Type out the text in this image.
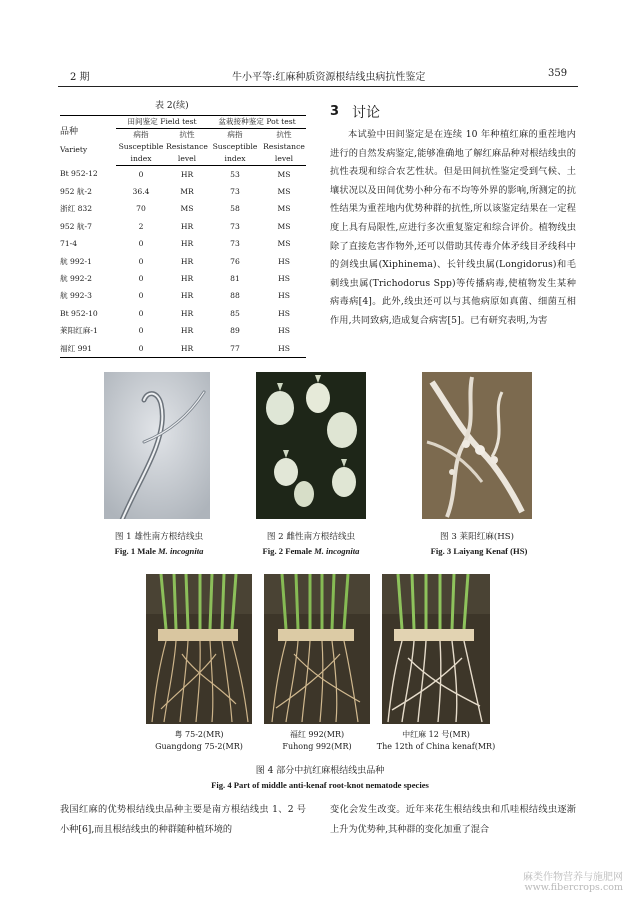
2 期	牛小平等:红麻种质资源根结线虫病抗性鉴定	359
表 2(续)
品种
Variety	田间鉴定 Field test		盆栽接种鉴定 Pot test	
	病指	抗性	病指	抗性
	Susceptible	Resistance	Susceptible	Resistance
	index	level	index	level
Bt 952-12	0	HR	53	MS
952 航-2	36.4	MR	73	MS
浙红 832	70	MS	58	MS
952 航-7	2	HR	73	MS
71-4	0	HR	73	MS
航 992-1	0	HR	76	HS
航 992-2	0	HR	81	HS
航 992-3	0	HR	88	HS
Bt 952-10	0	HR	85	HS
莱阳红麻-1	0	HR	89	HS
福红 991	0	HR	77	HS
3 讨论

本试验中田间鉴定是在连续 10 年种植红麻的重茬地内进行的自然发病鉴定,能够准确地了解红麻品种对根结线虫的抗性表现和综合农艺性状。但是田间抗性鉴定受到气候、土壤状况以及田间优势小种分布不均等外界的影响,所测定的抗性结果为重茬地内优势种群的抗性,所以该鉴定结果在一定程度上具有局限性,应进行多次重复鉴定和综合评价。植物线虫除了直接危害作物外,还可以借助其传毒介体矛线目矛线科中的剑线虫属(Xiphinema)、长针线虫属(Longidorus)和毛刺线虫属(Trichodorus Spp)等传播病毒,使植物发生某种病毒病[4]。此外,线虫还可以与其他病原如真菌、细菌互相作用,共同致病,造成复合病害[5]。已有研究表明,为害

图 1 雄性南方根结线虫
Fig. 1 Male M. incognita
图 2 雌性南方根结线虫
Fig. 2 Female M. incognita
图 3 莱阳红麻(HS)
Fig. 3 Laiyang Kenaf (HS)
粤 75-2(MR)
Guangdong 75-2(MR)
福红 992(MR)
Fuhong 992(MR)
中红麻 12 号(MR)
The 12th of China kenaf(MR)
图 4 部分中抗红麻根结线虫品种
Fig. 4 Part of middle anti-kenaf root-knot nematode species
我国红麻的优势根结线虫品种主要是南方根结线虫 1、2 号小种[6],而且根结线虫的种群随种植环境的
变化会发生改变。近年来花生根结线虫和爪哇根结线虫逐渐上升为优势种,其种群的变化加重了混合
麻类作物营养与施肥网
www.fibercrops.com
